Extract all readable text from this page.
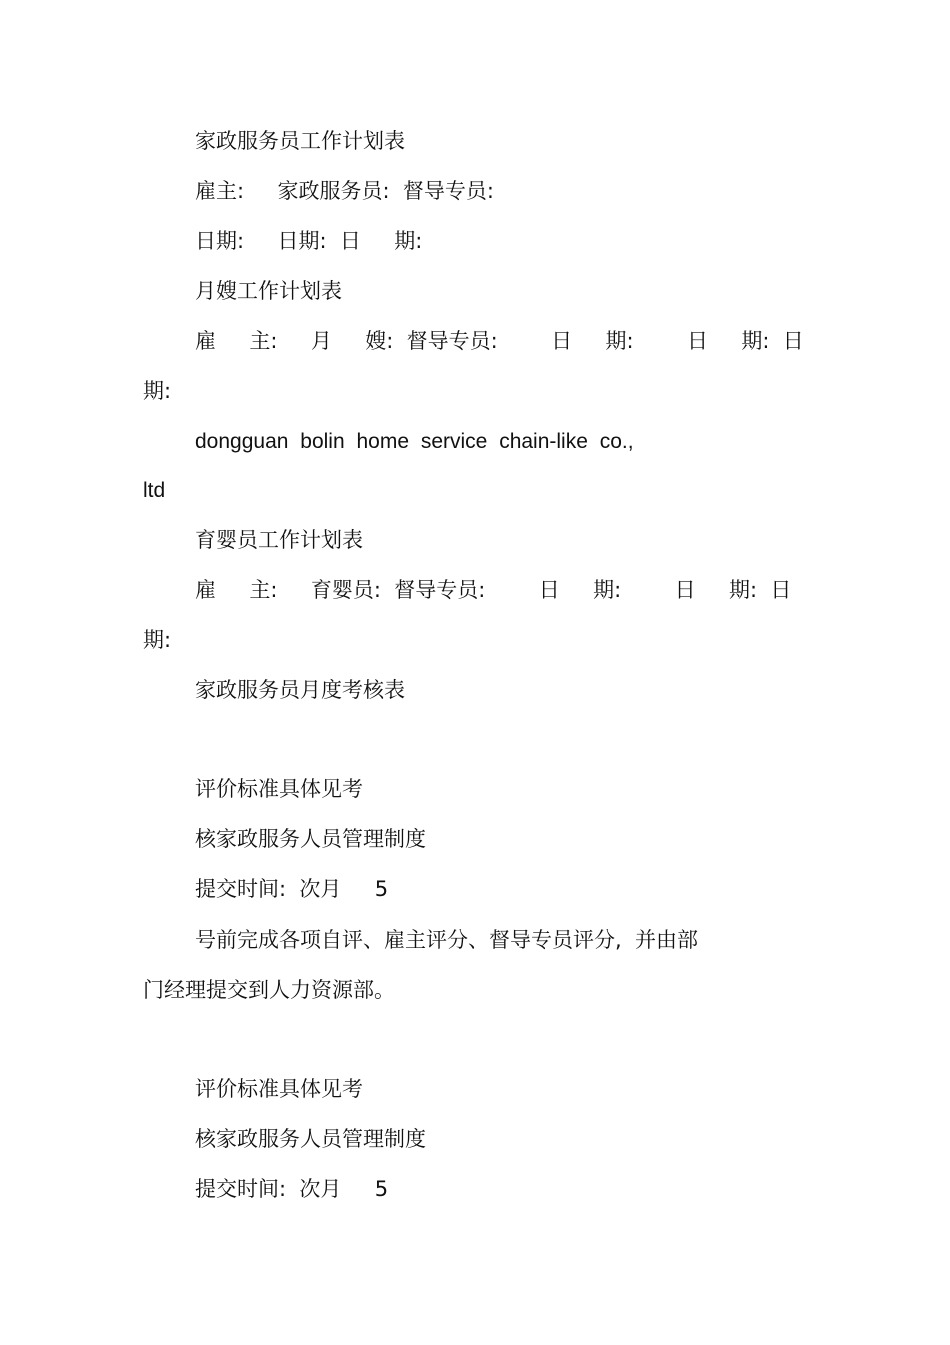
家政服务员工作计划表

雇主:     家政服务员:  督导专员:

日期:     日期:  日     期:

月嫂工作计划表

雇     主:     月     嫂:  督导专员:        日     期:        日     期:  日

期:

dongguan bolin home service chain-like co.,

ltd

育婴员工作计划表

雇     主:     育婴员:  督导专员:        日     期:        日     期:  日

期:

家政服务员月度考核表

评价标准具体见考

核家政服务人员管理制度

提交时间:  次月     5

号前完成各项自评、雇主评分、督导专员评分,  并由部

门经理提交到人力资源部。

评价标准具体见考

核家政服务人员管理制度

提交时间:  次月     5
